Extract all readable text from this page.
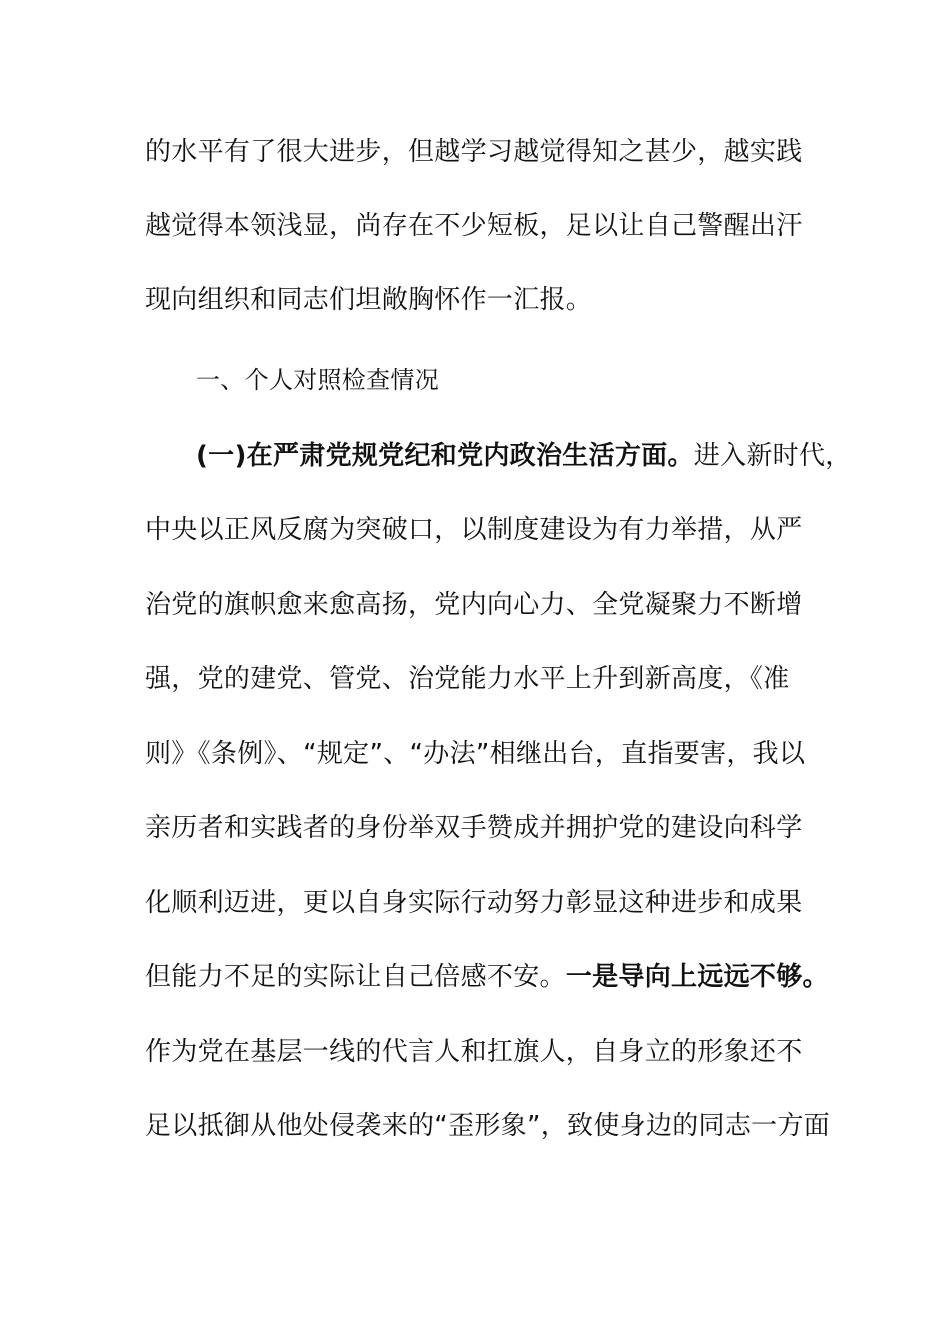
的水平有了很大进步，但越学习越觉得知之甚少，越实践
越觉得本领浅显，尚存在不少短板，足以让自己警醒出汗
现向组织和同志们坦敞胸怀作一汇报。
一、个人对照检查情况
(一)在严肃党规党纪和党内政治生活方面。进入新时代，
中央以正风反腐为突破口，以制度建设为有力举措，从严
治党的旗帜愈来愈高扬，党内向心力、全党凝聚力不断增
强，党的建党、管党、治党能力水平上升到新高度，《准
则》《条例》、“规定”、“办法”相继出台，直指要害，我以
亲历者和实践者的身份举双手赞成并拥护党的建设向科学
化顺利迈进，更以自身实际行动努力彰显这种进步和成果
但能力不足的实际让自己倍感不安。一是导向上远远不够。
作为党在基层一线的代言人和扛旗人，自身立的形象还不
足以抵御从他处侵袭来的“歪形象”，致使身边的同志一方面
